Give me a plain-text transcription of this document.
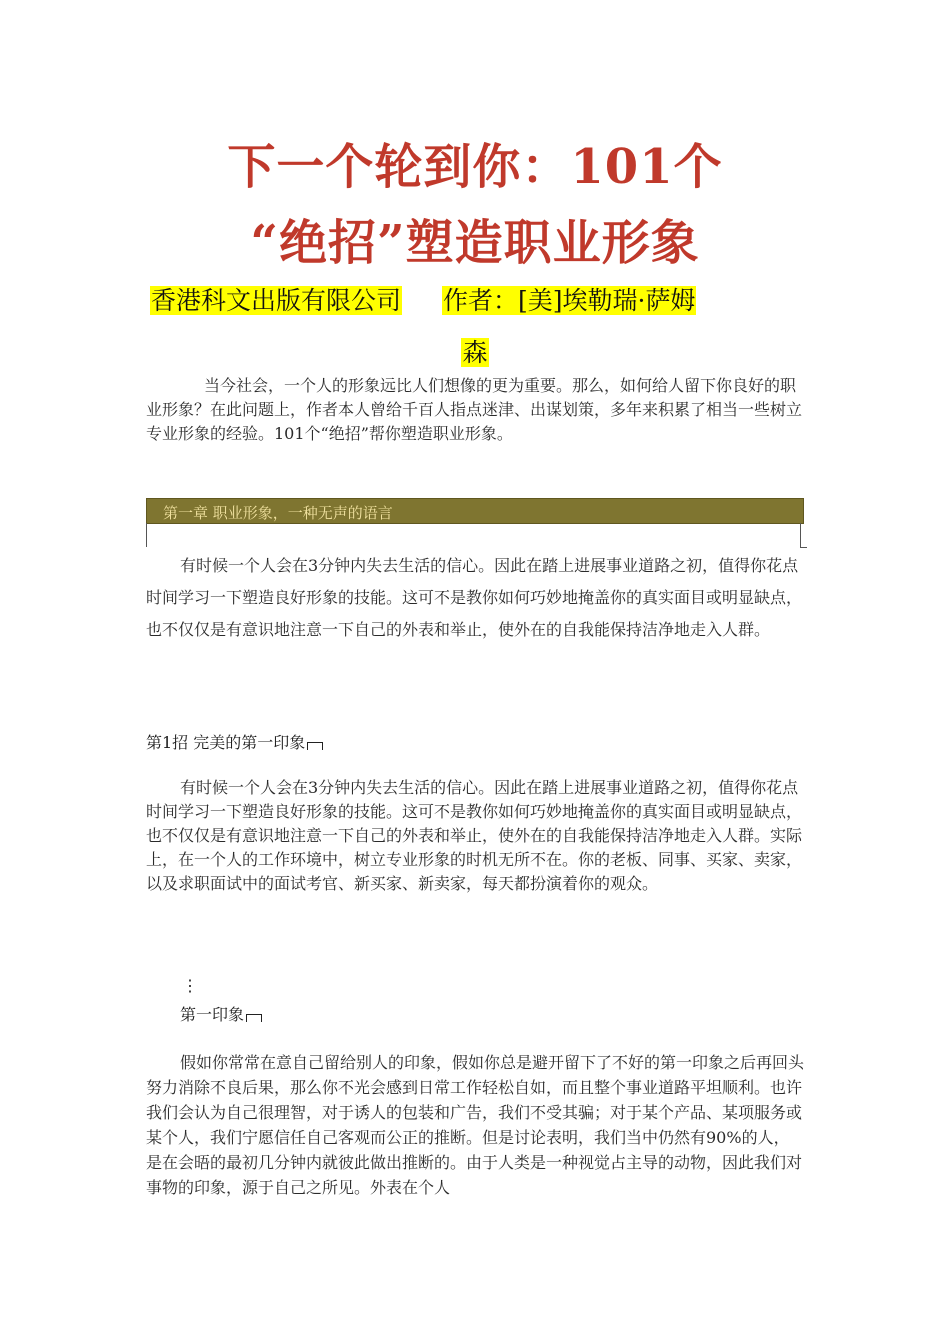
下一个轮到你：101个
“绝招”塑造职业形象
香港科文出版有限公司 作者：[美]埃勒瑞·萨姆
森

当今社会，一个人的形象远比人们想像的更为重要。那么，如何给人留下你良好的职业形象？在此问题上，作者本人曾给千百人指点迷津、出谋划策，多年来积累了相当一些树立专业形象的经验。101个“绝招”帮你塑造职业形象。

第一章 职业形象，一种无声的语言

有时候一个人会在3分钟内失去生活的信心。因此在踏上进展事业道路之初，值得你花点时间学习一下塑造良好形象的技能。这可不是教你如何巧妙地掩盖你的真实面目或明显缺点，也不仅仅是有意识地注意一下自己的外表和举止，使外在的自我能保持洁净地走入人群。

第1招 完美的第一印象

有时候一个人会在3分钟内失去生活的信心。因此在踏上进展事业道路之初，值得你花点时间学习一下塑造良好形象的技能。这可不是教你如何巧妙地掩盖你的真实面目或明显缺点，也不仅仅是有意识地注意一下自己的外表和举止，使外在的自我能保持洁净地走入人群。实际上，在一个人的工作环境中，树立专业形象的时机无所不在。你的老板、同事、买家、卖家，以及求职面试中的面试考官、新买家、新卖家，每天都扮演着你的观众。

⋮
第一印象

假如你常常在意自己留给别人的印象，假如你总是避开留下了不好的第一印象之后再回头努力消除不良后果，那么你不光会感到日常工作轻松自如，而且整个事业道路平坦顺利。也许我们会认为自己很理智，对于诱人的包装和广告，我们不受其骗；对于某个产品、某项服务或某个人，我们宁愿信任自己客观而公正的推断。但是讨论表明，我们当中仍然有90%的人，是在会晤的最初几分钟内就彼此做出推断的。由于人类是一种视觉占主导的动物，因此我们对事物的印象，源于自己之所见。外表在个人
